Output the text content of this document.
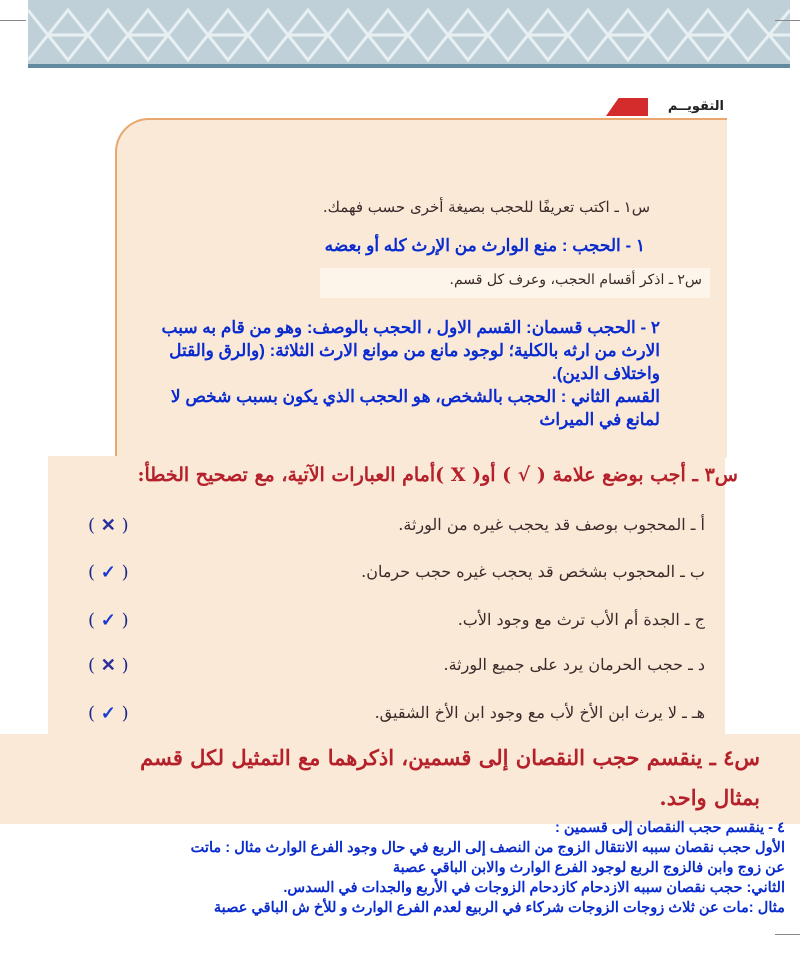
التقويــم
س١ ـ اكتب تعريفًا للحجب بصيغة أخرى حسب فهمك.
١ - الحجب : منع الوارث من الإرث كله أو بعضه
س٢ ـ اذكر أقسام الحجب، وعرف كل قسم.
٢ - الحجب قسمان: القسم الاول ، الحجب بالوصف: وهو من قام به سبب
الارث من ارثه بالكلية؛ لوجود مانع من موانع الارث الثلاثة: (والرق والقتل
واختلاف الدين).
القسم الثاني : الحجب بالشخص، هو الحجب الذي يكون بسبب شخص لا
لمانع في الميراث
س٣ ـ أجب بوضع علامة ( √ ) أو( X )أمام العبارات الآتية، مع تصحيح الخطأ:
أ ـ المحجوب بوصف قد يحجب غيره من الورثة.
( ✕ )
ب ـ المحجوب بشخص قد يحجب غيره حجب حرمان.
( ✓ )
ج ـ الجدة أم الأب ترث مع وجود الأب.
( ✓ )
د ـ حجب الحرمان يرد على جميع الورثة.
( ✕ )
هـ ـ لا يرث ابن الأخ لأب مع وجود ابن الأخ الشقيق.
( ✓ )
س٤ ـ ينقسم حجب النقصان إلى قسمين، اذكرهما مع التمثيل لكل قسم
بمثال واحد.
٤ - ينقسم حجب النقصان إلى قسمين :
الأول حجب نقصان سببه الانتقال الزوج من النصف إلى الربع في حال وجود الفرع الوارث مثال : ماتت
عن زوج وابن فالزوج الربع لوجود الفرع الوارث والابن الباقي عصبة
الثاني: حجب نقصان سببه الازدحام كازدحام الزوجات في الأربع والجدات في السدس.
مثال :مات عن ثلاث زوجات الزوجات شركاء في الربيع لعدم الفرع الوارث و للأخ ش الباقي عصبة
